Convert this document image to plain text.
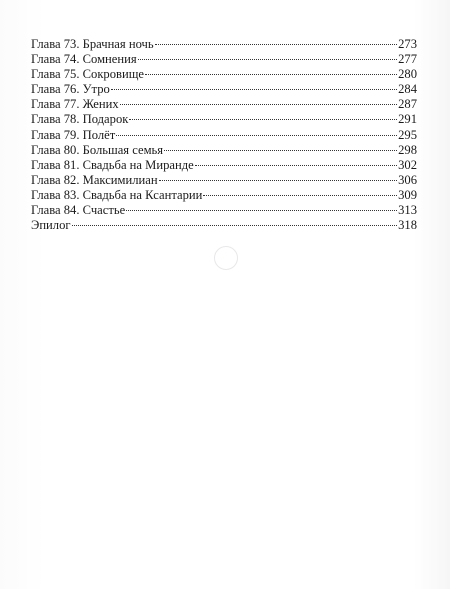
Глава 73. Брачная ночь	273
Глава 74. Сомнения	277
Глава 75. Сокровище	280
Глава 76. Утро	284
Глава 77. Жених	287
Глава 78. Подарок	291
Глава 79. Полёт	295
Глава 80. Большая семья	298
Глава 81. Свадьба на Миранде	302
Глава 82. Максимилиан	306
Глава 83. Свадьба на Ксантарии	309
Глава 84. Счастье	313
Эпилог	318
